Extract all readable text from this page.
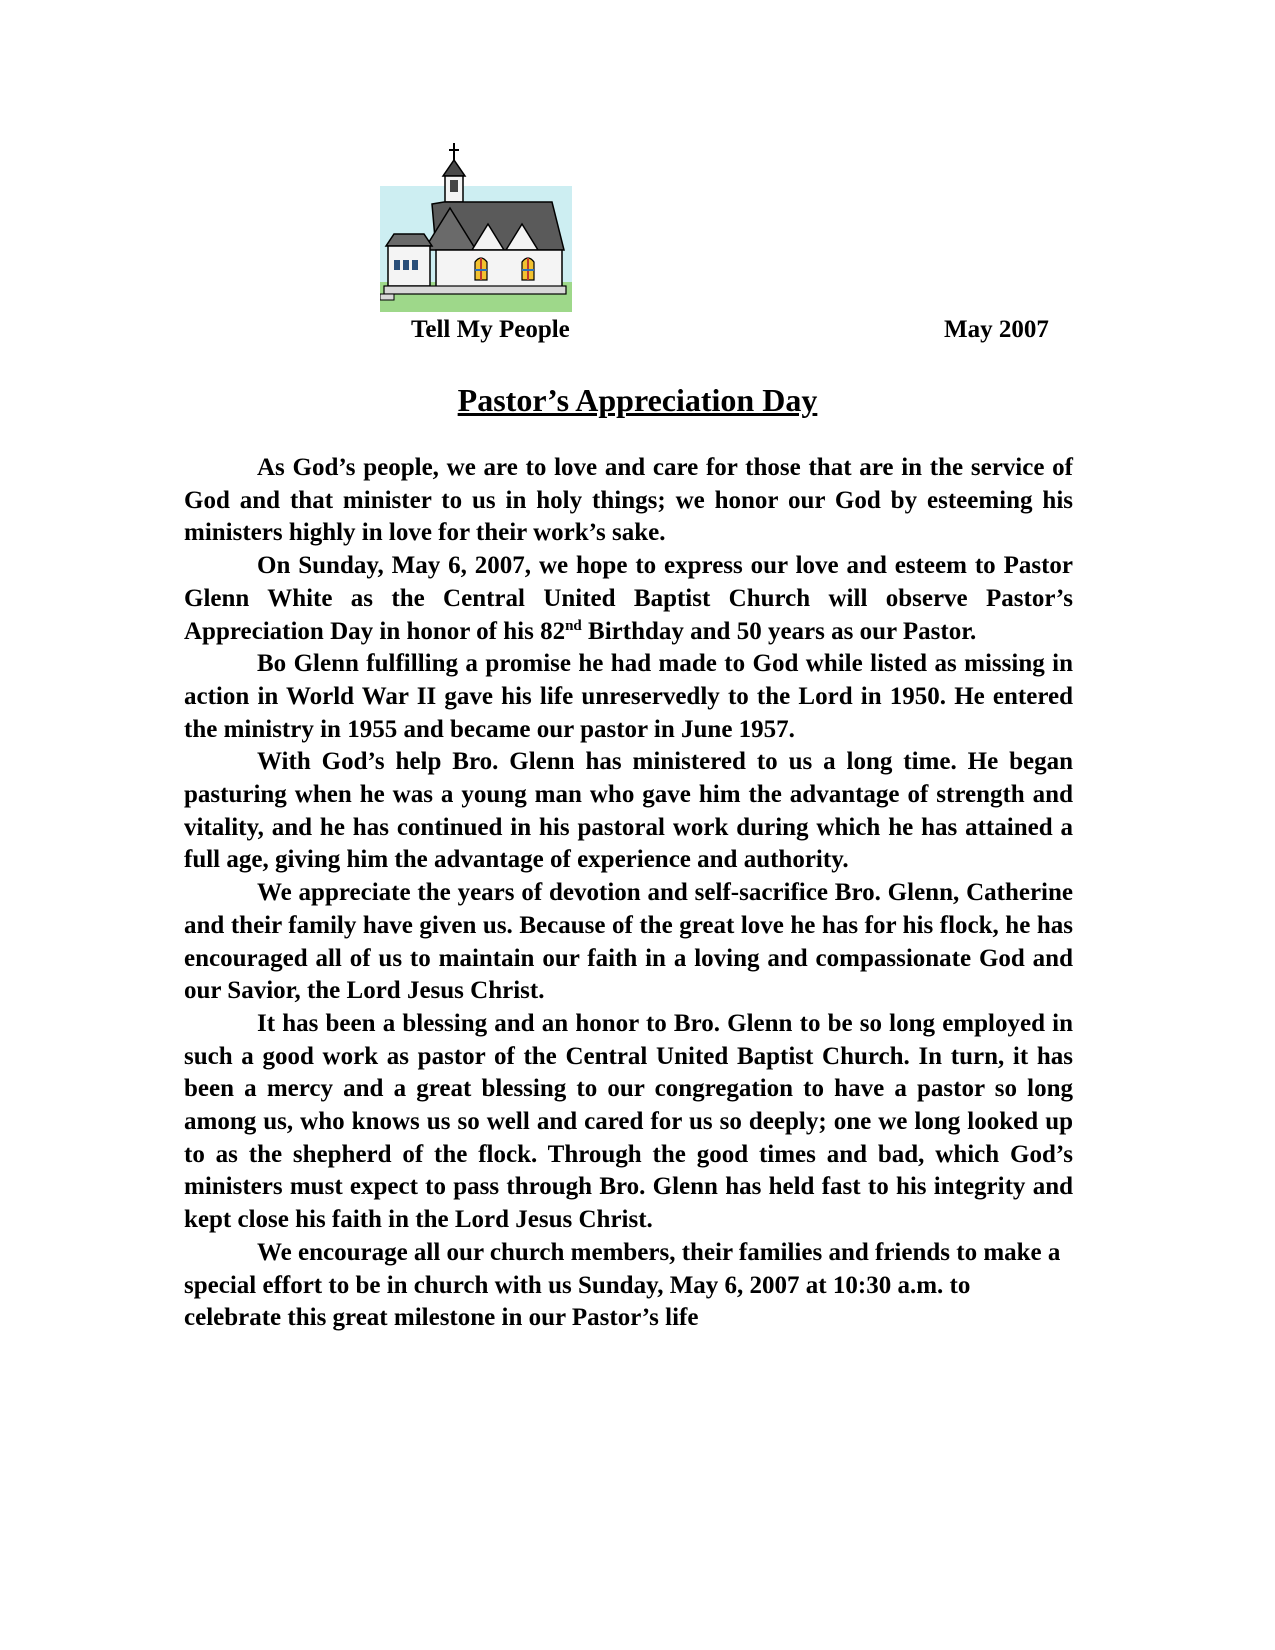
Tell My People	May 2007
Pastor’s Appreciation Day

As God’s people, we are to love and care for those that are in the service of God and that minister to us in holy things; we honor our God by esteeming his ministers highly in love for their work’s sake.

On Sunday, May 6, 2007, we hope to express our love and esteem to Pastor Glenn White as the Central United Baptist Church will observe Pastor’s Appreciation Day in honor of his 82nd Birthday and 50 years as our Pastor.

Bo Glenn fulfilling a promise he had made to God while listed as missing in action in World War II gave his life unreservedly to the Lord in 1950. He entered the ministry in 1955 and became our pastor in June 1957.

With God’s help Bro. Glenn has ministered to us a long time. He began pasturing when he was a young man who gave him the advantage of strength and vitality, and he has continued in his pastoral work during which he has attained a full age, giving him the advantage of experience and authority.

We appreciate the years of devotion and self-sacrifice Bro. Glenn, Catherine and their family have given us. Because of the great love he has for his flock, he has encouraged all of us to maintain our faith in a loving and compassionate God and our Savior, the Lord Jesus Christ.

It has been a blessing and an honor to Bro. Glenn to be so long employed in such a good work as pastor of the Central United Baptist Church. In turn, it has been a mercy and a great blessing to our congregation to have a pastor so long among us, who knows us so well and cared for us so deeply; one we long looked up to as the shepherd of the flock. Through the good times and bad, which God’s ministers must expect to pass through Bro. Glenn has held fast to his integrity and kept close his faith in the Lord Jesus Christ.

We encourage all our church members, their families and friends to make a special effort to be in church with us Sunday, May 6, 2007 at 10:30 a.m. to celebrate this great milestone in our Pastor’s life
